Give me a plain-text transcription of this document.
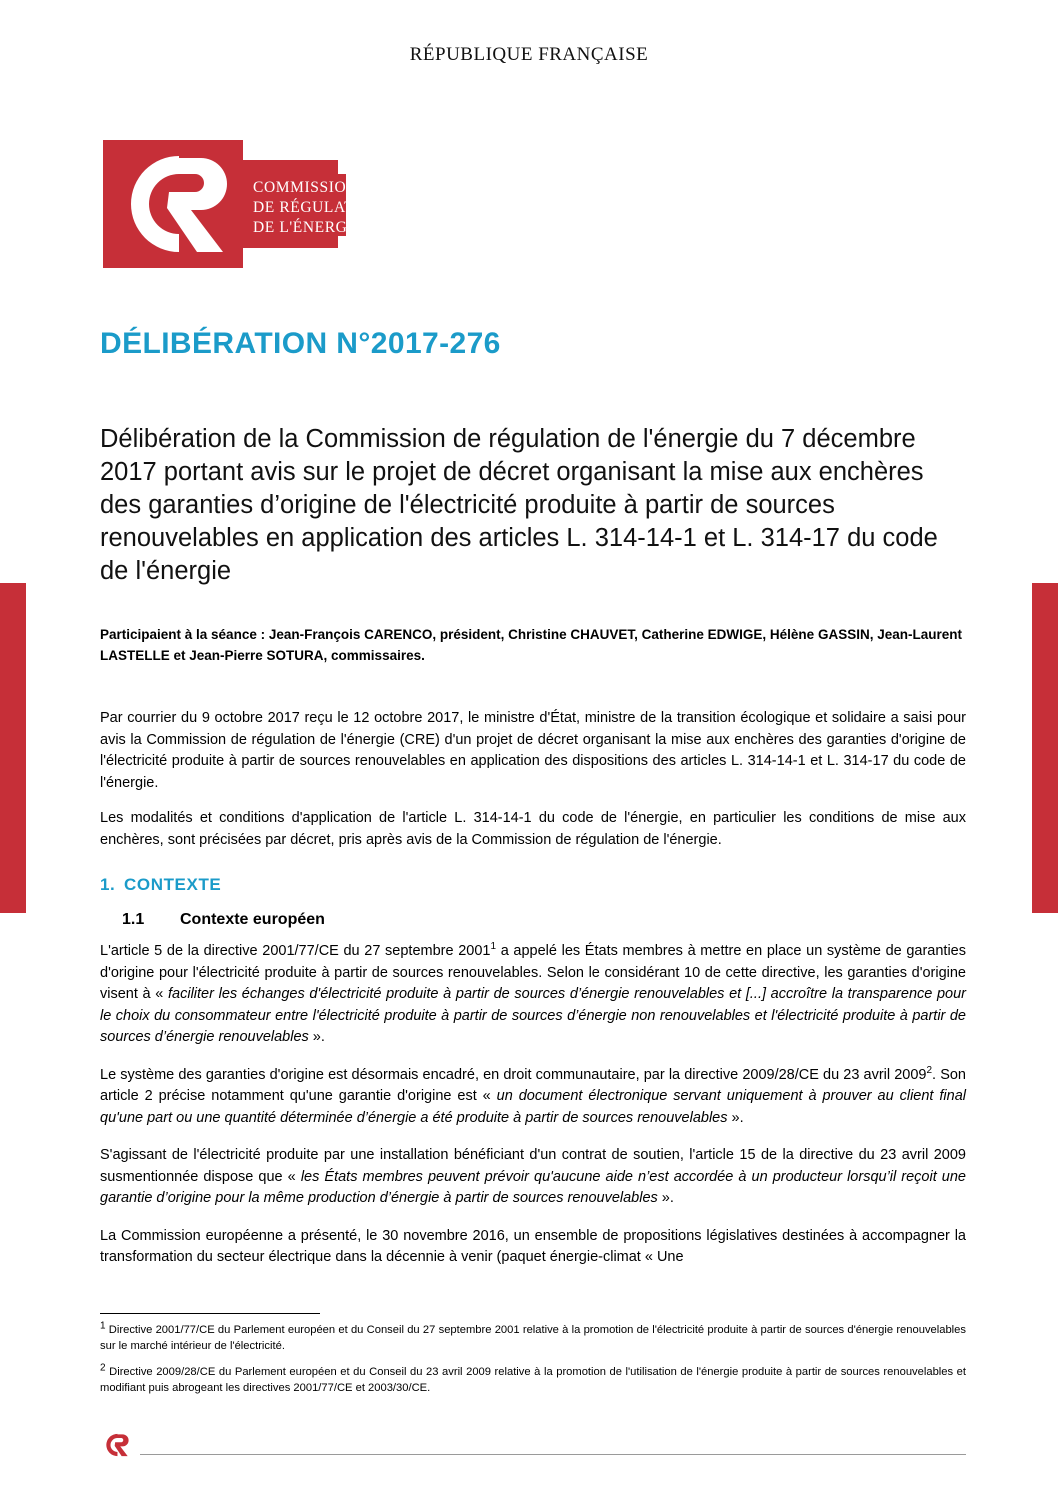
RÉPUBLIQUE FRANÇAISE
COMMISSION
DE RÉGULATION
DE L'ÉNERGIE
DÉLIBÉRATION N°2017-276
Délibération de la Commission de régulation de l'énergie du 7 décembre 2017 portant avis sur le projet de décret organisant la mise aux enchères des garanties d’origine de l'électricité produite à partir de sources renouvelables en application des articles L. 314-14-1 et L. 314-17 du code de l'énergie
Participaient à la séance : Jean-François CARENCO, président, Christine CHAUVET, Catherine EDWIGE, Hélène GASSIN, Jean-Laurent LASTELLE et Jean-Pierre SOTURA, commissaires.

Par courrier du 9 octobre 2017 reçu le 12 octobre 2017, le ministre d'État, ministre de la transition écologique et solidaire a saisi pour avis la Commission de régulation de l'énergie (CRE) d'un projet de décret organisant la mise aux enchères des garanties d'origine de l'électricité produite à partir de sources renouvelables en application des dispositions des articles L. 314-14-1 et L. 314-17 du code de l'énergie.

Les modalités et conditions d'application de l'article L. 314-14-1 du code de l'énergie, en particulier les conditions de mise aux enchères, sont précisées par décret, pris après avis de la Commission de régulation de l'énergie.

1. CONTEXTE
1.1 Contexte européen

L'article 5 de la directive 2001/77/CE du 27 septembre 2001$^1$ a appelé les États membres à mettre en place un système de garanties d'origine pour l'électricité produite à partir de sources renouvelables. Selon le considérant 10 de cette directive, les garanties d'origine visent à « faciliter les échanges d'électricité produite à partir de sources d’énergie renouvelables et [...] accroître la transparence pour le choix du consommateur entre l'électricité produite à partir de sources d’énergie non renouvelables et l'électricité produite à partir de sources d’énergie renouvelables ».

Le système des garanties d'origine est désormais encadré, en droit communautaire, par la directive 2009/28/CE du 23 avril 2009$^2$. Son article 2 précise notamment qu'une garantie d'origine est « un document électronique servant uniquement à prouver au client final qu'une part ou une quantité déterminée d’énergie a été produite à partir de sources renouvelables ».

S'agissant de l'électricité produite par une installation bénéficiant d'un contrat de soutien, l'article 15 de la directive du 23 avril 2009 susmentionnée dispose que « les États membres peuvent prévoir qu'aucune aide n’est accordée à un producteur lorsqu’il reçoit une garantie d’origine pour la même production d’énergie à partir de sources renouvelables ».

La Commission européenne a présenté, le 30 novembre 2016, un ensemble de propositions législatives destinées à accompagner la transformation du secteur électrique dans la décennie à venir (paquet énergie-climat « Une

$^1$ Directive 2001/77/CE du Parlement européen et du Conseil du 27 septembre 2001 relative à la promotion de l'électricité produite à partir de sources d'énergie renouvelables sur le marché intérieur de l'électricité.

$^2$ Directive 2009/28/CE du Parlement européen et du Conseil du 23 avril 2009 relative à la promotion de l'utilisation de l'énergie produite à partir de sources renouvelables et modifiant puis abrogeant les directives 2001/77/CE et 2003/30/CE.
